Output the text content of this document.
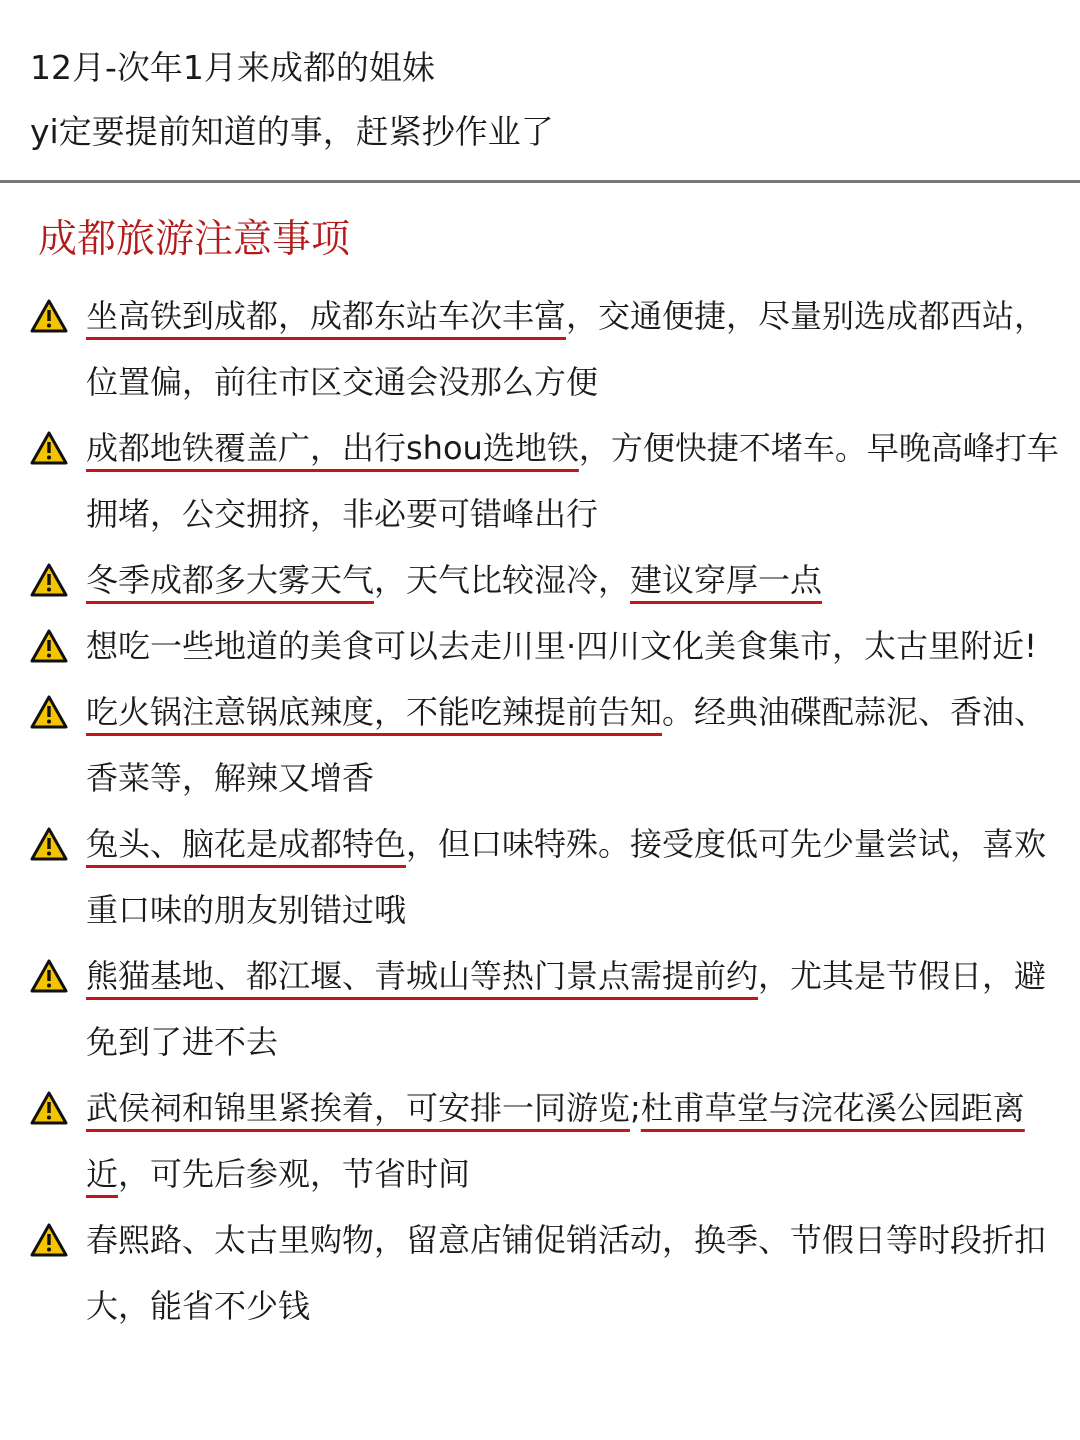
12月-次年1月来成都的姐妹

yi定要提前知道的事，赶紧抄作业了

成都旅游注意事项

坐高铁到成都，成都东站车次丰富，交通便捷，尽量别选成都西站，位置偏，前往市区交通会没那么方便

成都地铁覆盖广，出行shou选地铁，方便快捷不堵车。早晚高峰打车拥堵，公交拥挤，非必要可错峰出行

冬季成都多大雾天气，天气比较湿冷，建议穿厚一点

想吃一些地道的美食可以去走川里·四川文化美食集市，太古里附近!

吃火锅注意锅底辣度，不能吃辣提前告知。经典油碟配蒜泥、香油、香菜等，解辣又增香

兔头、脑花是成都特色，但口味特殊。接受度低可先少量尝试，喜欢重口味的朋友别错过哦

熊猫基地、都江堰、青城山等热门景点需提前约，尤其是节假日，避免到了进不去

武侯祠和锦里紧挨着，可安排一同游览;杜甫草堂与浣花溪公园距离近，可先后参观，节省时间

春熙路、太古里购物，留意店铺促销活动，换季、节假日等时段折扣大，能省不少钱
